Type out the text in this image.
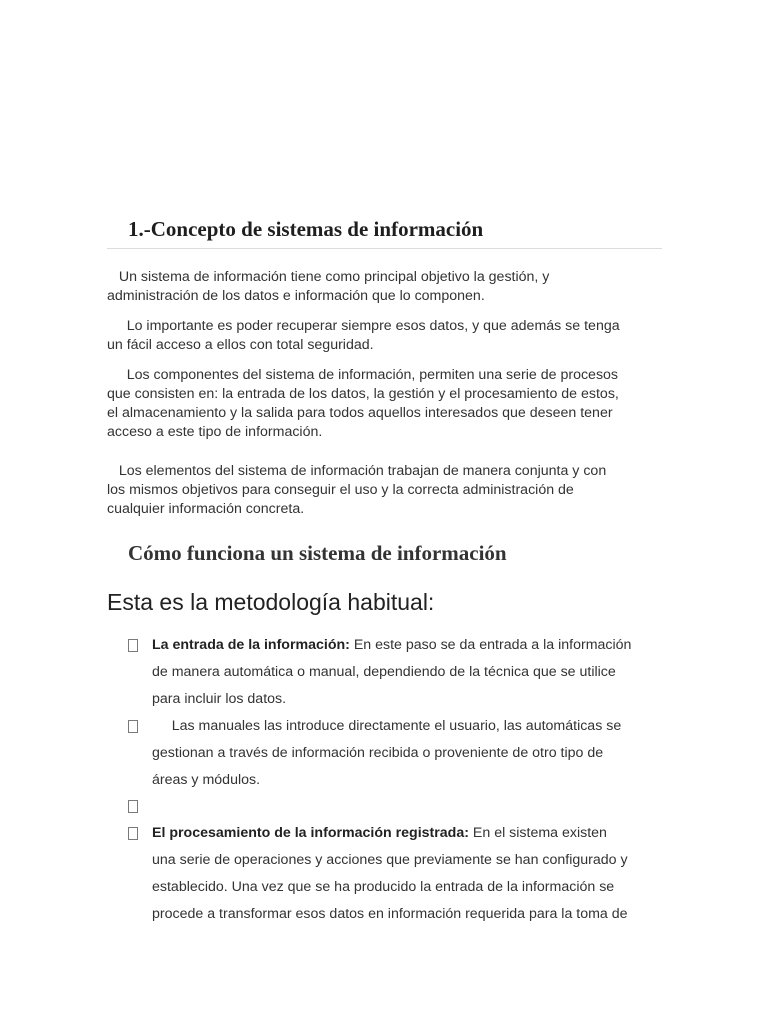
1.-Concepto de sistemas de información

Un sistema de información tiene como principal objetivo la gestión, y
administración de los datos e información que lo componen.

Lo importante es poder recuperar siempre esos datos, y que además se tenga
un fácil acceso a ellos con total seguridad.

Los componentes del sistema de información, permiten una serie de procesos
que consisten en: la entrada de los datos, la gestión y el procesamiento de estos,
el almacenamiento y la salida para todos aquellos interesados que deseen tener
acceso a este tipo de información.

Los elementos del sistema de información trabajan de manera conjunta y con
los mismos objetivos para conseguir el uso y la correcta administración de
cualquier información concreta.

Cómo funciona un sistema de información
Esta es la metodología habitual:
La entrada de la información: En este paso se da entrada a la información
de manera automática o manual, dependiendo de la técnica que se utilice
para incluir los datos.
Las manuales las introduce directamente el usuario, las automáticas se
gestionan a través de información recibida o proveniente de otro tipo de
áreas y módulos.
El procesamiento de la información registrada: En el sistema existen
una serie de operaciones y acciones que previamente se han configurado y
establecido. Una vez que se ha producido la entrada de la información se
procede a transformar esos datos en información requerida para la toma de
